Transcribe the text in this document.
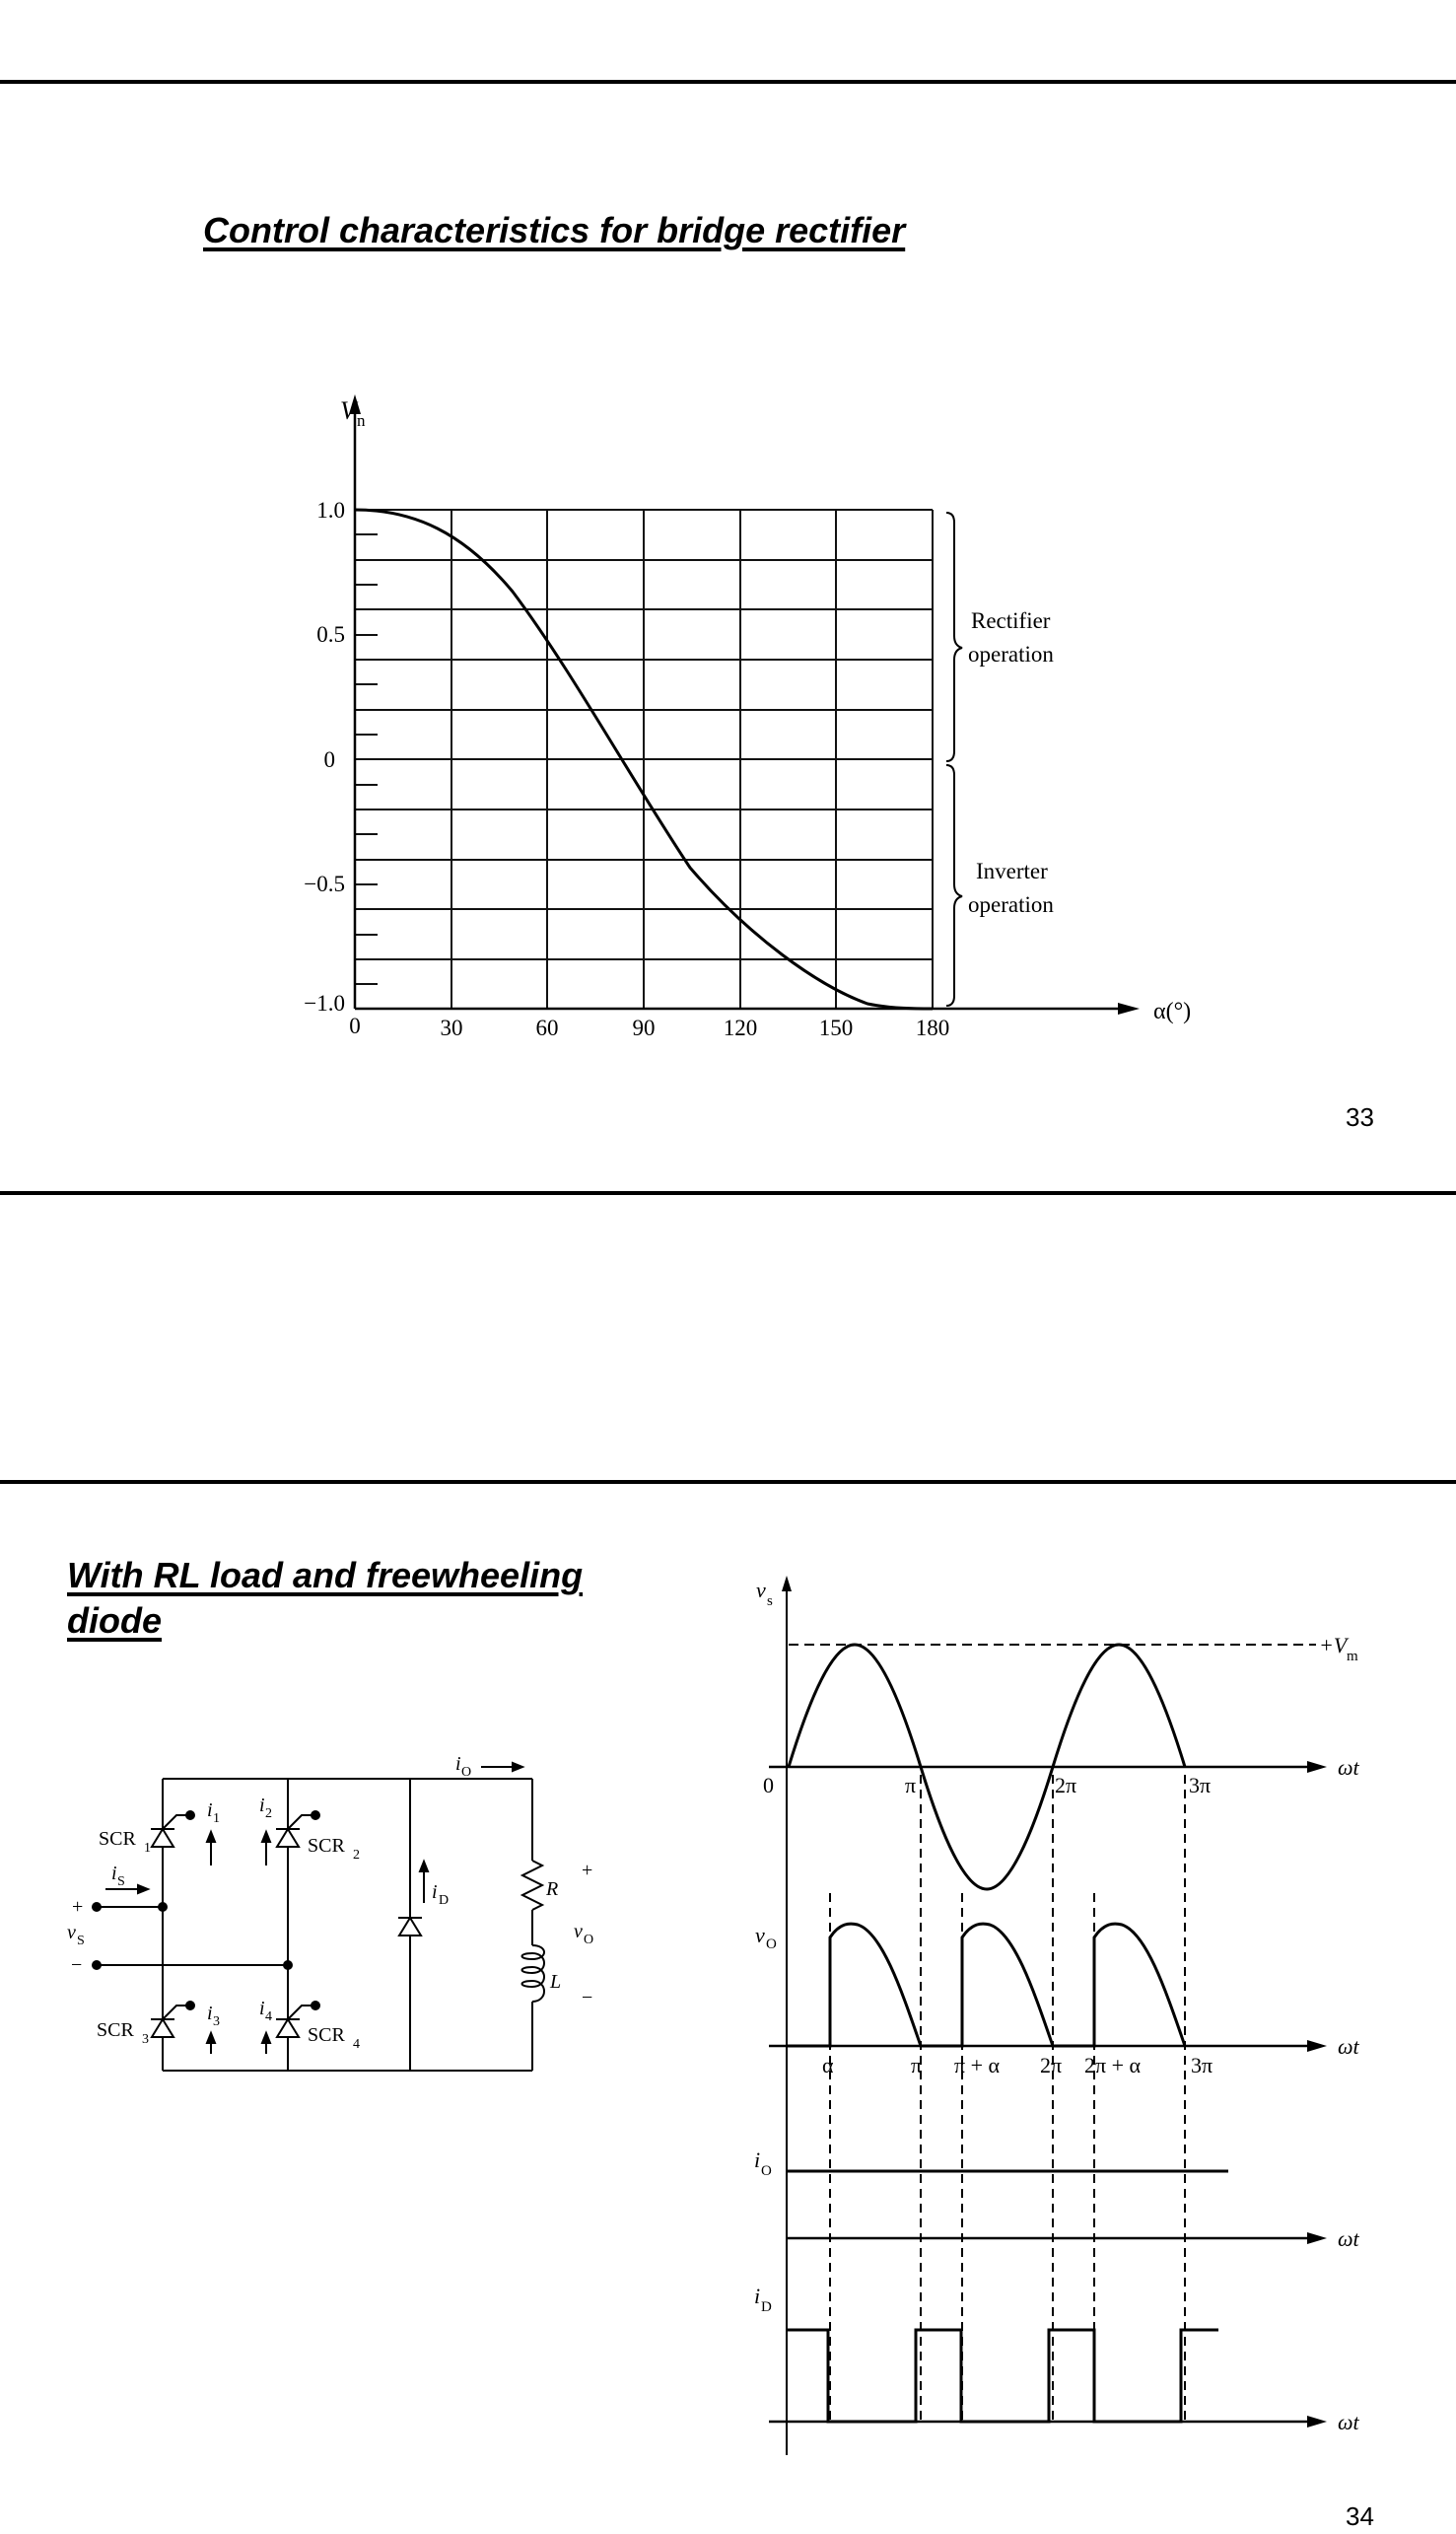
Control characteristics for bridge rectifier
33
V n
1.0
0.5
0
−0.5
−1.0
0	30	60	90	120	150	180
α(°)
Rectifier
operation
Inverter
operation
With RL load and freewheeling
diode
34
SCR 1	SCR 2
SCR 3	SCR 4
i 1
i 2
i 3
i 4
i S
+
v S
−
i O
i D
R
L
+
v O
−
v s
+V m
ωt
0	π	2π	3π
v O
ωt
α	π π + α 2π 2π + α 3π
i O
ωt
i D
ωt
